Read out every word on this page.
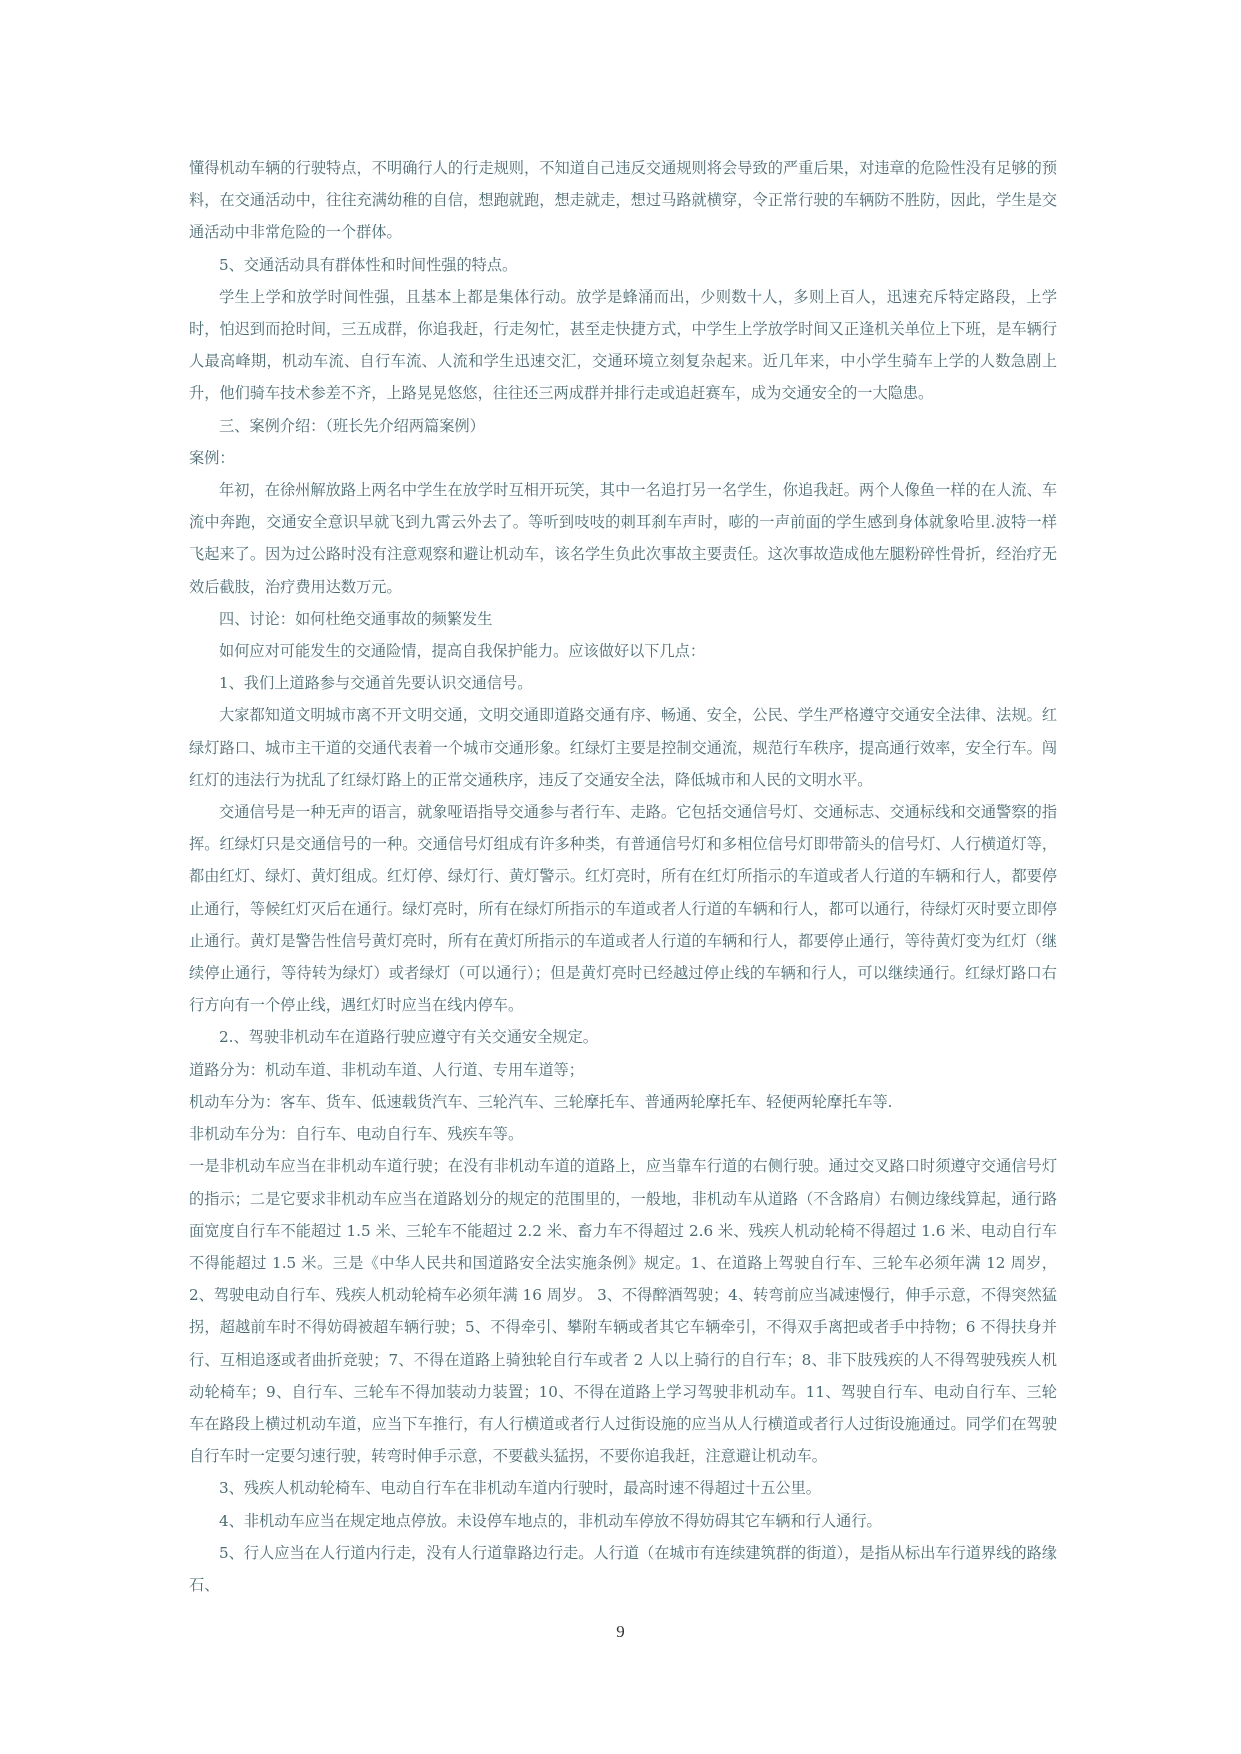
懂得机动车辆的行驶特点，不明确行人的行走规则，不知道自己违反交通规则将会导致的严重后果，对违章的危险性没有足够的预料，在交通活动中，往往充满幼稚的自信，想跑就跑，想走就走，想过马路就横穿，令正常行驶的车辆防不胜防，因此，学生是交通活动中非常危险的一个群体。

5、交通活动具有群体性和时间性强的特点。

学生上学和放学时间性强，且基本上都是集体行动。放学是蜂涌而出，少则数十人，多则上百人，迅速充斥特定路段，上学时，怕迟到而抢时间，三五成群，你追我赶，行走匆忙，甚至走快捷方式，中学生上学放学时间又正逢机关单位上下班，是车辆行人最高峰期，机动车流、自行车流、人流和学生迅速交汇，交通环境立刻复杂起来。近几年来，中小学生骑车上学的人数急剧上升，他们骑车技术参差不齐，上路晃晃悠悠，往往还三两成群并排行走或追赶赛车，成为交通安全的一大隐患。

三、案例介绍：（班长先介绍两篇案例）

案例：

年初，在徐州解放路上两名中学生在放学时互相开玩笑，其中一名追打另一名学生，你追我赶。两个人像鱼一样的在人流、车流中奔跑，交通安全意识早就飞到九霄云外去了。等听到吱吱的刺耳刹车声时，嘭的一声前面的学生感到身体就象哈里.波特一样飞起来了。因为过公路时没有注意观察和避让机动车，该名学生负此次事故主要责任。这次事故造成他左腿粉碎性骨折，经治疗无效后截肢，治疗费用达数万元。

四、讨论：如何杜绝交通事故的频繁发生

如何应对可能发生的交通险情，提高自我保护能力。应该做好以下几点：

1、我们上道路参与交通首先要认识交通信号。

大家都知道文明城市离不开文明交通，文明交通即道路交通有序、畅通、安全，公民、学生严格遵守交通安全法律、法规。红绿灯路口、城市主干道的交通代表着一个城市交通形象。红绿灯主要是控制交通流，规范行车秩序，提高通行效率，安全行车。闯红灯的违法行为扰乱了红绿灯路上的正常交通秩序，违反了交通安全法，降低城市和人民的文明水平。

交通信号是一种无声的语言，就象哑语指导交通参与者行车、走路。它包括交通信号灯、交通标志、交通标线和交通警察的指挥。红绿灯只是交通信号的一种。交通信号灯组成有许多种类，有普通信号灯和多相位信号灯即带箭头的信号灯、人行横道灯等，都由红灯、绿灯、黄灯组成。红灯停、绿灯行、黄灯警示。红灯亮时，所有在红灯所指示的车道或者人行道的车辆和行人，都要停止通行，等候红灯灭后在通行。绿灯亮时，所有在绿灯所指示的车道或者人行道的车辆和行人，都可以通行，待绿灯灭时要立即停止通行。黄灯是警告性信号黄灯亮时，所有在黄灯所指示的车道或者人行道的车辆和行人，都要停止通行，等待黄灯变为红灯（继续停止通行，等待转为绿灯）或者绿灯（可以通行）；但是黄灯亮时已经越过停止线的车辆和行人，可以继续通行。红绿灯路口右行方向有一个停止线，遇红灯时应当在线内停车。

2.、驾驶非机动车在道路行驶应遵守有关交通安全规定。

道路分为：机动车道、非机动车道、人行道、专用车道等；

机动车分为：客车、货车、低速载货汽车、三轮汽车、三轮摩托车、普通两轮摩托车、轻便两轮摩托车等.

非机动车分为：自行车、电动自行车、残疾车等。

一是非机动车应当在非机动车道行驶；在没有非机动车道的道路上，应当靠车行道的右侧行驶。通过交叉路口时须遵守交通信号灯的指示；二是它要求非机动车应当在道路划分的规定的范围里的，一般地，非机动车从道路（不含路肩）右侧边缘线算起，通行路面宽度自行车不能超过 1.5 米、三轮车不能超过 2.2 米、畜力车不得超过 2.6 米、残疾人机动轮椅不得超过 1.6 米、电动自行车不得能超过 1.5 米。三是《中华人民共和国道路安全法实施条例》规定。1、在道路上驾驶自行车、三轮车必须年满 12 周岁，2、驾驶电动自行车、残疾人机动轮椅车必须年满 16 周岁。 3、不得醉酒驾驶；4、转弯前应当减速慢行，伸手示意，不得突然猛拐，超越前车时不得妨碍被超车辆行驶；5、不得牵引、攀附车辆或者其它车辆牵引，不得双手离把或者手中持物；6 不得扶身并行、互相追逐或者曲折竞驶；7、不得在道路上骑独轮自行车或者 2 人以上骑行的自行车；8、非下肢残疾的人不得驾驶残疾人机动轮椅车；9、自行车、三轮车不得加装动力装置；10、不得在道路上学习驾驶非机动车。11、驾驶自行车、电动自行车、三轮车在路段上横过机动车道，应当下车推行，有人行横道或者行人过街设施的应当从人行横道或者行人过街设施通过。同学们在驾驶自行车时一定要匀速行驶，转弯时伸手示意，不要截头猛拐，不要你追我赶，注意避让机动车。

3、残疾人机动轮椅车、电动自行车在非机动车道内行驶时，最高时速不得超过十五公里。

4、非机动车应当在规定地点停放。未设停车地点的，非机动车停放不得妨碍其它车辆和行人通行。

5、行人应当在人行道内行走，没有人行道靠路边行走。人行道（在城市有连续建筑群的街道），是指从标出车行道界线的路缘石、

9
